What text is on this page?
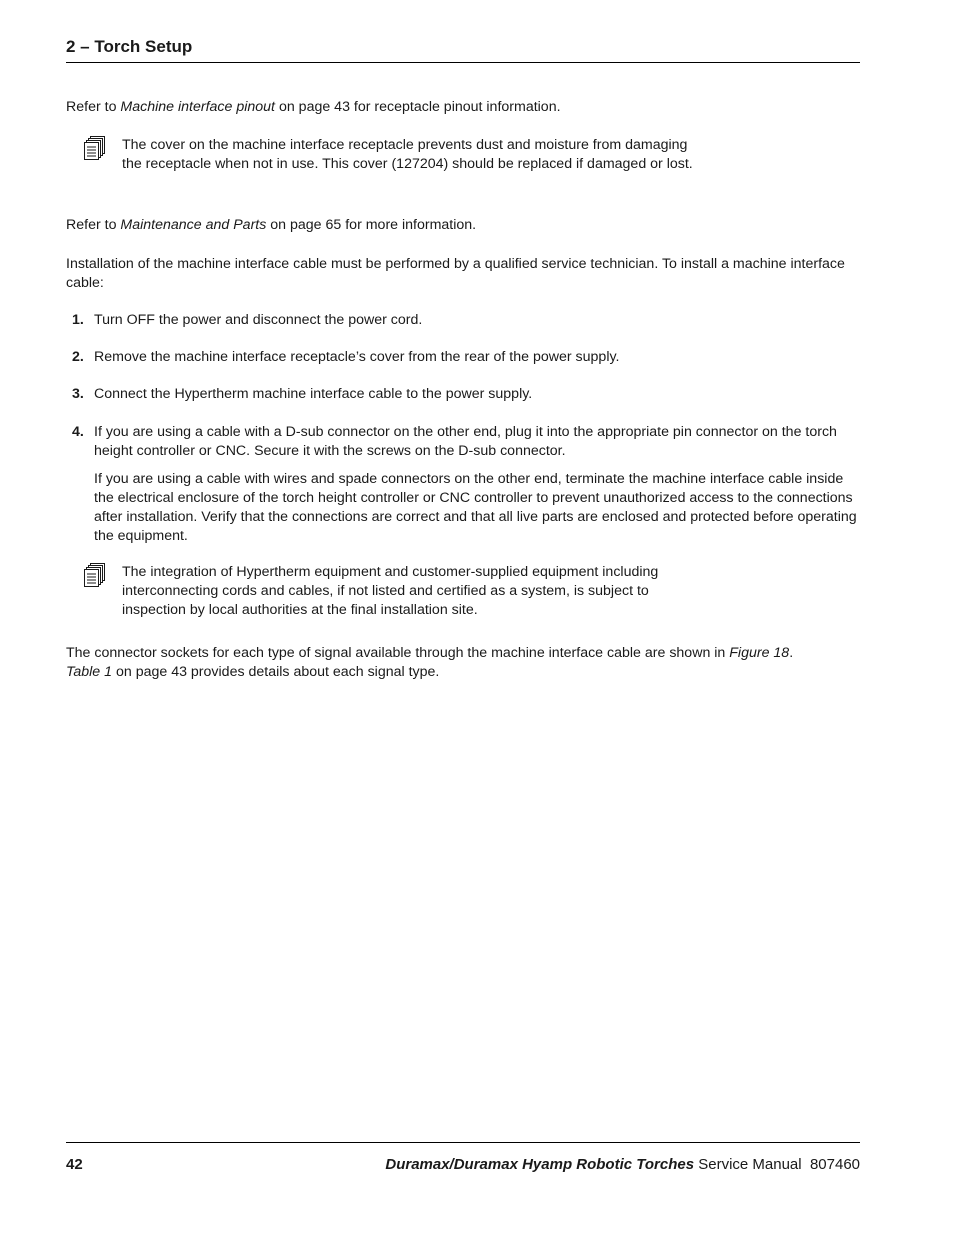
2 – Torch Setup

Refer to Machine interface pinout on page 43 for receptacle pinout information.

The cover on the machine interface receptacle prevents dust and moisture from damaging the receptacle when not in use. This cover (127204) should be replaced if damaged or lost.

Refer to Maintenance and Parts on page 65 for more information.

Installation of the machine interface cable must be performed by a qualified service technician. To install a machine interface cable:

1. Turn OFF the power and disconnect the power cord.

2. Remove the machine interface receptacle’s cover from the rear of the power supply.

3. Connect the Hypertherm machine interface cable to the power supply.

4. If you are using a cable with a D-sub connector on the other end, plug it into the appropriate pin connector on the torch height controller or CNC. Secure it with the screws on the D-sub connector.

If you are using a cable with wires and spade connectors on the other end, terminate the machine interface cable inside the electrical enclosure of the torch height controller or CNC controller to prevent unauthorized access to the connections after installation. Verify that the connections are correct and that all live parts are enclosed and protected before operating the equipment.

The integration of Hypertherm equipment and customer-supplied equipment including interconnecting cords and cables, if not listed and certified as a system, is subject to inspection by local authorities at the final installation site.

The connector sockets for each type of signal available through the machine interface cable are shown in Figure 18.
Table 1 on page 43 provides details about each signal type.

42	Duramax/Duramax Hyamp Robotic Torches Service Manual  807460
